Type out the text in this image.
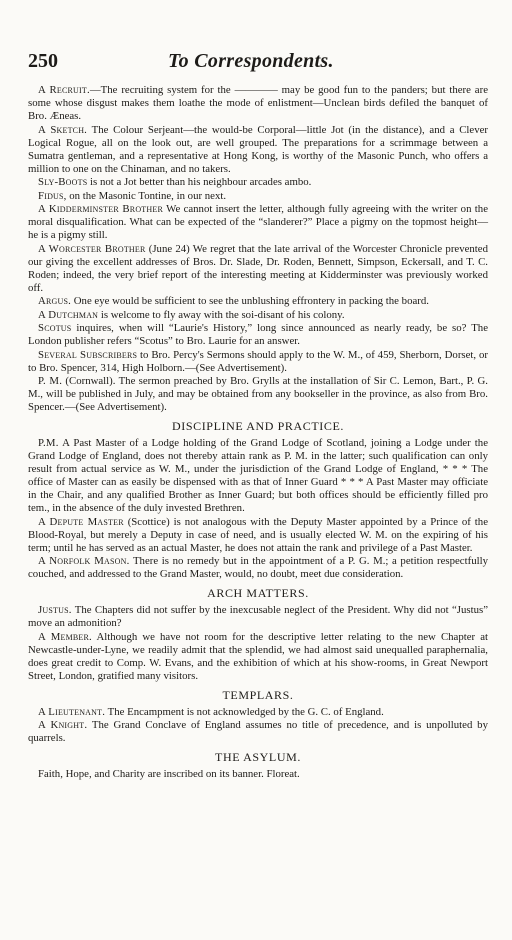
250	To Correspondents.

A Recruit.—The recruiting system for the ———— may be good fun to the panders; but there are some whose disgust makes them loathe the mode of enlistment—Unclean birds defiled the banquet of Bro. Æneas.

A Sketch. The Colour Serjeant—the would-be Corporal—little Jot (in the distance), and a Clever Logical Rogue, all on the look out, are well grouped. The preparations for a scrimmage between a Sumatra gentleman, and a representative at Hong Kong, is worthy of the Masonic Punch, who offers a million to one on the Chinaman, and no takers.

Sly-Boots is not a Jot better than his neighbour arcades ambo.

Fidus, on the Masonic Tontine, in our next.

A Kidderminster Brother We cannot insert the letter, although fully agreeing with the writer on the moral disqualification. What can be expected of the “slanderer?” Place a pigmy on the topmost height—he is a pigmy still.

A Worcester Brother (June 24) We regret that the late arrival of the Worcester Chronicle prevented our giving the excellent addresses of Bros. Dr. Slade, Dr. Roden, Bennett, Simpson, Eckersall, and T. C. Roden; indeed, the very brief report of the interesting meeting at Kidderminster was previously worked off.

Argus. One eye would be sufficient to see the unblushing effrontery in packing the board.

A Dutchman is welcome to fly away with the soi-disant of his colony.

Scotus inquires, when will “Laurie's History,” long since announced as nearly ready, be so? The London publisher refers “Scotus” to Bro. Laurie for an answer.

Several Subscribers to Bro. Percy's Sermons should apply to the W. M., of 459, Sherborn, Dorset, or to Bro. Spencer, 314, High Holborn.—(See Advertisement).

P. M. (Cornwall). The sermon preached by Bro. Grylls at the installation of Sir C. Lemon, Bart., P. G. M., will be published in July, and may be obtained from any bookseller in the province, as also from Bro. Spencer.—(See Advertisement).

DISCIPLINE AND PRACTICE.

P.M. A Past Master of a Lodge holding of the Grand Lodge of Scotland, joining a Lodge under the Grand Lodge of England, does not thereby attain rank as P. M. in the latter; such qualification can only result from actual service as W. M., under the jurisdiction of the Grand Lodge of England, * * * The office of Master can as easily be dispensed with as that of Inner Guard * * * A Past Master may officiate in the Chair, and any qualified Brother as Inner Guard; but both offices should be efficiently filled pro tem., in the absence of the duly invested Brethren.

A Depute Master (Scottice) is not analogous with the Deputy Master appointed by a Prince of the Blood-Royal, but merely a Deputy in case of need, and is usually elected W. M. on the expiring of his term; until he has served as an actual Master, he does not attain the rank and privilege of a Past Master.

A Norfolk Mason. There is no remedy but in the appointment of a P. G. M.; a petition respectfully couched, and addressed to the Grand Master, would, no doubt, meet due consideration.

ARCH MATTERS.

Justus. The Chapters did not suffer by the inexcusable neglect of the President. Why did not “Justus” move an admonition?

A Member. Although we have not room for the descriptive letter relating to the new Chapter at Newcastle-under-Lyne, we readily admit that the splendid, we had almost said unequalled paraphernalia, does great credit to Comp. W. Evans, and the exhibition of which at his show-rooms, in Great Newport Street, London, gratified many visitors.

TEMPLARS.

A Lieutenant. The Encampment is not acknowledged by the G. C. of England.

A Knight. The Grand Conclave of England assumes no title of precedence, and is unpolluted by quarrels.

THE ASYLUM.

Faith, Hope, and Charity are inscribed on its banner. Floreat.
